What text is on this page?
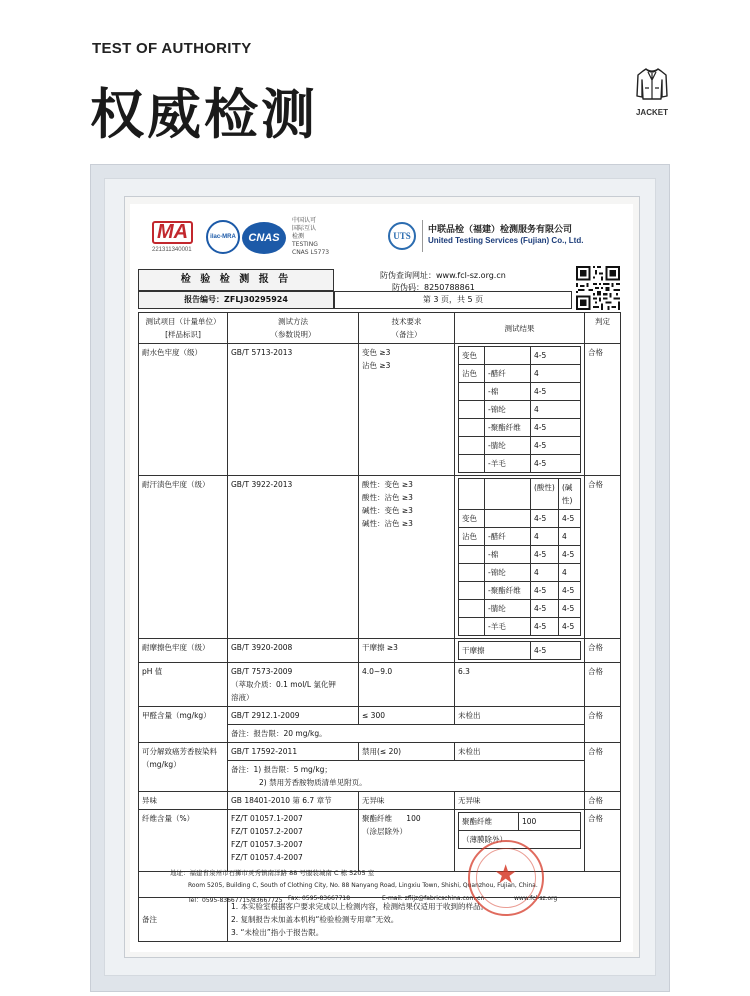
TEST OF AUTHORITY
权威检测	JACKET
MA
221311340001
ilac-MRA	CNAS
中国认可
国际互认
检测
TESTING
CNAS L5773
UTS
中联品检（福建）检测服务有限公司
United Testing Services (Fujian) Co., Ltd.
检 验 检 测 报 告
报告编号：ZFLJ30295924
防伪查询网址：www.fcl-sz.org.cn
防伪码：8250788861
第 3 页，共 5 页
测试项目（计量单位）
[样品标识]

测试方法
（参数说明）

技术要求
（备注）
	测试结果	判定
耐水色牢度（级）	GB/T 5713-2013	变色 ≥3
沾色 ≥3

变色		4-5
沾色	-醋纤	4
	-棉	4-5
	-锦纶	4
	-聚酯纤维	4-5
	-腈纶	4-5
	-羊毛	4-5
	合格
耐汗渍色牢度（级）	GB/T 3922-2013	酸性：变色 ≥3
酸性：沾色 ≥3
碱性：变色 ≥3
碱性：沾色 ≥3

		(酸性)	(碱性)
变色		4-5	4-5
沾色	-醋纤	4	4
	-棉	4-5	4-5
	-锦纶	4	4
	-聚酯纤维	4-5	4-5
	-腈纶	4-5	4-5
	-羊毛	4-5	4-5
	合格
耐摩擦色牢度（级）	GB/T 3920-2008	干摩擦 ≥3		干摩擦	4-5
		合格
pH 值	GB/T 7573-2009
（萃取介质：0.1 mol/L 氯化钾
溶液）
	4.0~9.0	6.3	合格
甲醛含量（mg/kg）	GB/T 2912.1-2009	≤ 300	未检出	合格
备注：报告限：20 mg/kg。
可分解致癌芳香胺染料（mg/kg）	GB/T 17592-2011	禁用(≤ 20)	未检出	合格

备注：1) 报告限：5 mg/kg；
2) 禁用芳香胺物质清单见附页。

异味	GB 18401-2010 第 6.7 章节	无异味	无异味	合格
纤维含量（%）	FZ/T 01057.1-2007
FZ/T 01057.2-2007
FZ/T 01057.3-2007
FZ/T 01057.4-2007

聚酯纤维      100
（涂层除外）

聚酯纤维	100
（薄膜除外）
	合格

备注	
1. 本实验室根据客户要求完成以上检测内容，检测结果仅适用于收到的样品。
2. 复制报告未加盖本机构“检验检测专用章”无效。
3. “未检出”指小于报告限。
地址：福建省泉州市石狮市灵秀镇南洋路 88 号服装城南 C 栋 5205 室
Room 5205, Building C, South of Clothing City, No. 88 Nanyang Road, Lingxiu Town, Shishi, Quanzhou, Fujian, China.
Tel：0595-83667715/83667725 Fax: 0595-83667718	E-mail: zflijz@fabricschina.com.cn	www.fcl-sz.org
★
